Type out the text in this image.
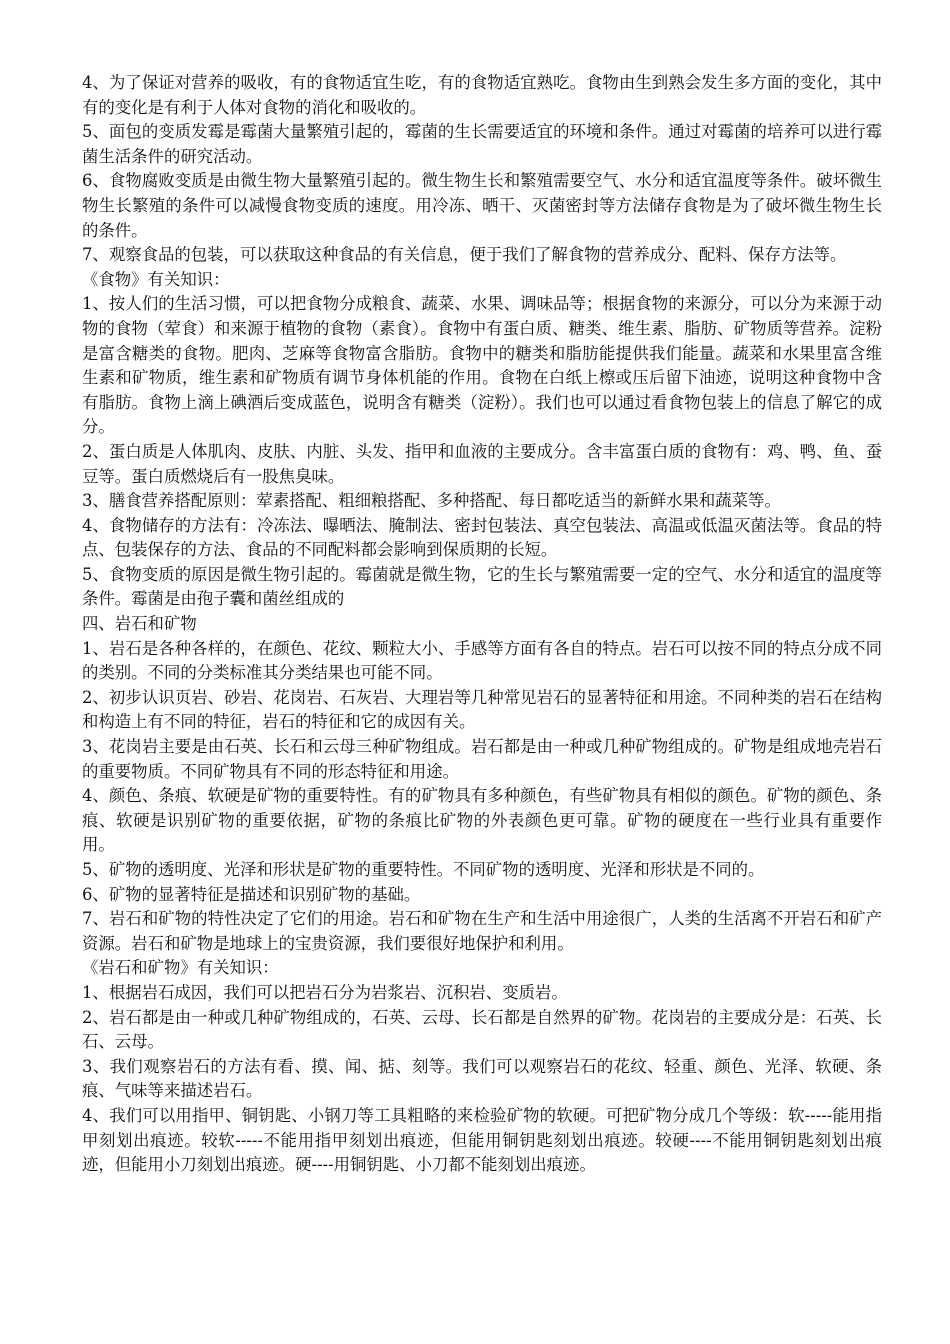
4、为了保证对营养的吸收，有的食物适宜生吃，有的食物适宜熟吃。食物由生到熟会发生多方面的变化，其中有的变化是有利于人体对食物的消化和吸收的。

5、面包的变质发霉是霉菌大量繁殖引起的，霉菌的生长需要适宜的环境和条件。通过对霉菌的培养可以进行霉菌生活条件的研究活动。

6、食物腐败变质是由微生物大量繁殖引起的。微生物生长和繁殖需要空气、水分和适宜温度等条件。破坏微生物生长繁殖的条件可以减慢食物变质的速度。用冷冻、晒干、灭菌密封等方法储存食物是为了破坏微生物生长的条件。

7、观察食品的包装，可以获取这种食品的有关信息，便于我们了解食物的营养成分、配料、保存方法等。

《食物》有关知识：

1、按人们的生活习惯，可以把食物分成粮食、蔬菜、水果、调味品等；根据食物的来源分，可以分为来源于动物的食物（荤食）和来源于植物的食物（素食）。食物中有蛋白质、糖类、维生素、脂肪、矿物质等营养。淀粉是富含糖类的食物。肥肉、芝麻等食物富含脂肪。食物中的糖类和脂肪能提供我们能量。蔬菜和水果里富含维生素和矿物质，维生素和矿物质有调节身体机能的作用。食物在白纸上檫或压后留下油迹，说明这种食物中含有脂肪。食物上滴上碘酒后变成蓝色，说明含有糖类（淀粉）。我们也可以通过看食物包装上的信息了解它的成分。

2、蛋白质是人体肌肉、皮肤、内脏、头发、指甲和血液的主要成分。含丰富蛋白质的食物有：鸡、鸭、鱼、蚕豆等。蛋白质燃烧后有一股焦臭味。

3、膳食营养搭配原则：荤素搭配、粗细粮搭配、多种搭配、每日都吃适当的新鲜水果和蔬菜等。

4、食物储存的方法有：冷冻法、曝晒法、腌制法、密封包装法、真空包装法、高温或低温灭菌法等。食品的特点、包装保存的方法、食品的不同配料都会影响到保质期的长短。

5、食物变质的原因是微生物引起的。霉菌就是微生物，它的生长与繁殖需要一定的空气、水分和适宜的温度等条件。霉菌是由孢子囊和菌丝组成的

四、岩石和矿物

1、岩石是各种各样的，在颜色、花纹、颗粒大小、手感等方面有各自的特点。岩石可以按不同的特点分成不同的类别。不同的分类标准其分类结果也可能不同。

2、初步认识页岩、砂岩、花岗岩、石灰岩、大理岩等几种常见岩石的显著特征和用途。不同种类的岩石在结构和构造上有不同的特征，岩石的特征和它的成因有关。

3、花岗岩主要是由石英、长石和云母三种矿物组成。岩石都是由一种或几种矿物组成的。矿物是组成地壳岩石的重要物质。不同矿物具有不同的形态特征和用途。

4、颜色、条痕、软硬是矿物的重要特性。有的矿物具有多种颜色，有些矿物具有相似的颜色。矿物的颜色、条痕、软硬是识别矿物的重要依据，矿物的条痕比矿物的外表颜色更可靠。矿物的硬度在一些行业具有重要作用。

5、矿物的透明度、光泽和形状是矿物的重要特性。不同矿物的透明度、光泽和形状是不同的。

6、矿物的显著特征是描述和识别矿物的基础。

7、岩石和矿物的特性决定了它们的用途。岩石和矿物在生产和生活中用途很广，人类的生活离不开岩石和矿产资源。岩石和矿物是地球上的宝贵资源，我们要很好地保护和利用。

《岩石和矿物》有关知识：

1、根据岩石成因，我们可以把岩石分为岩浆岩、沉积岩、变质岩。

2、岩石都是由一种或几种矿物组成的，石英、云母、长石都是自然界的矿物。花岗岩的主要成分是：石英、长石、云母。

3、我们观察岩石的方法有看、摸、闻、掂、刻等。我们可以观察岩石的花纹、轻重、颜色、光泽、软硬、条痕、气味等来描述岩石。

4、我们可以用指甲、铜钥匙、小钢刀等工具粗略的来检验矿物的软硬。可把矿物分成几个等级：软-----能用指甲刻划出痕迹。较软-----不能用指甲刻划出痕迹，但能用铜钥匙刻划出痕迹。较硬----不能用铜钥匙刻划出痕迹，但能用小刀刻划出痕迹。硬----用铜钥匙、小刀都不能刻划出痕迹。
